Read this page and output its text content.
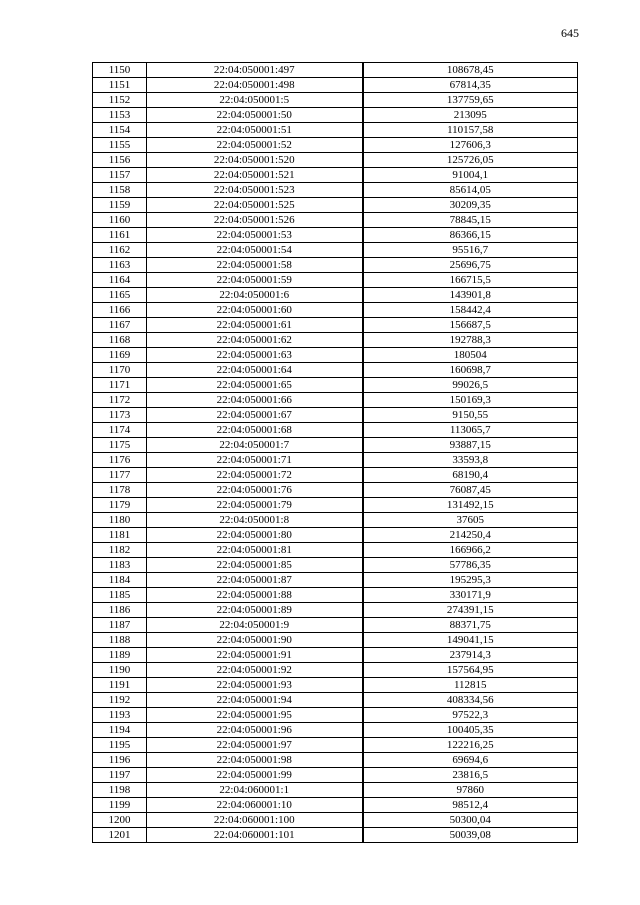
645
1150	22:04:050001:497	108678,45
1151	22:04:050001:498	67814,35
1152	22:04:050001:5	137759,65
1153	22:04:050001:50	213095
1154	22:04:050001:51	110157,58
1155	22:04:050001:52	127606,3
1156	22:04:050001:520	125726,05
1157	22:04:050001:521	91004,1
1158	22:04:050001:523	85614,05
1159	22:04:050001:525	30209,35
1160	22:04:050001:526	78845,15
1161	22:04:050001:53	86366,15
1162	22:04:050001:54	95516,7
1163	22:04:050001:58	25696,75
1164	22:04:050001:59	166715,5
1165	22:04:050001:6	143901,8
1166	22:04:050001:60	158442,4
1167	22:04:050001:61	156687,5
1168	22:04:050001:62	192788,3
1169	22:04:050001:63	180504
1170	22:04:050001:64	160698,7
1171	22:04:050001:65	99026,5
1172	22:04:050001:66	150169,3
1173	22:04:050001:67	9150,55
1174	22:04:050001:68	113065,7
1175	22:04:050001:7	93887,15
1176	22:04:050001:71	33593,8
1177	22:04:050001:72	68190,4
1178	22:04:050001:76	76087,45
1179	22:04:050001:79	131492,15
1180	22:04:050001:8	37605
1181	22:04:050001:80	214250,4
1182	22:04:050001:81	166966,2
1183	22:04:050001:85	57786,35
1184	22:04:050001:87	195295,3
1185	22:04:050001:88	330171,9
1186	22:04:050001:89	274391,15
1187	22:04:050001:9	88371,75
1188	22:04:050001:90	149041,15
1189	22:04:050001:91	237914,3
1190	22:04:050001:92	157564,95
1191	22:04:050001:93	112815
1192	22:04:050001:94	408334,56
1193	22:04:050001:95	97522,3
1194	22:04:050001:96	100405,35
1195	22:04:050001:97	122216,25
1196	22:04:050001:98	69694,6
1197	22:04:050001:99	23816,5
1198	22:04:060001:1	97860
1199	22:04:060001:10	98512,4
1200	22:04:060001:100	50300,04
1201	22:04:060001:101	50039,08
